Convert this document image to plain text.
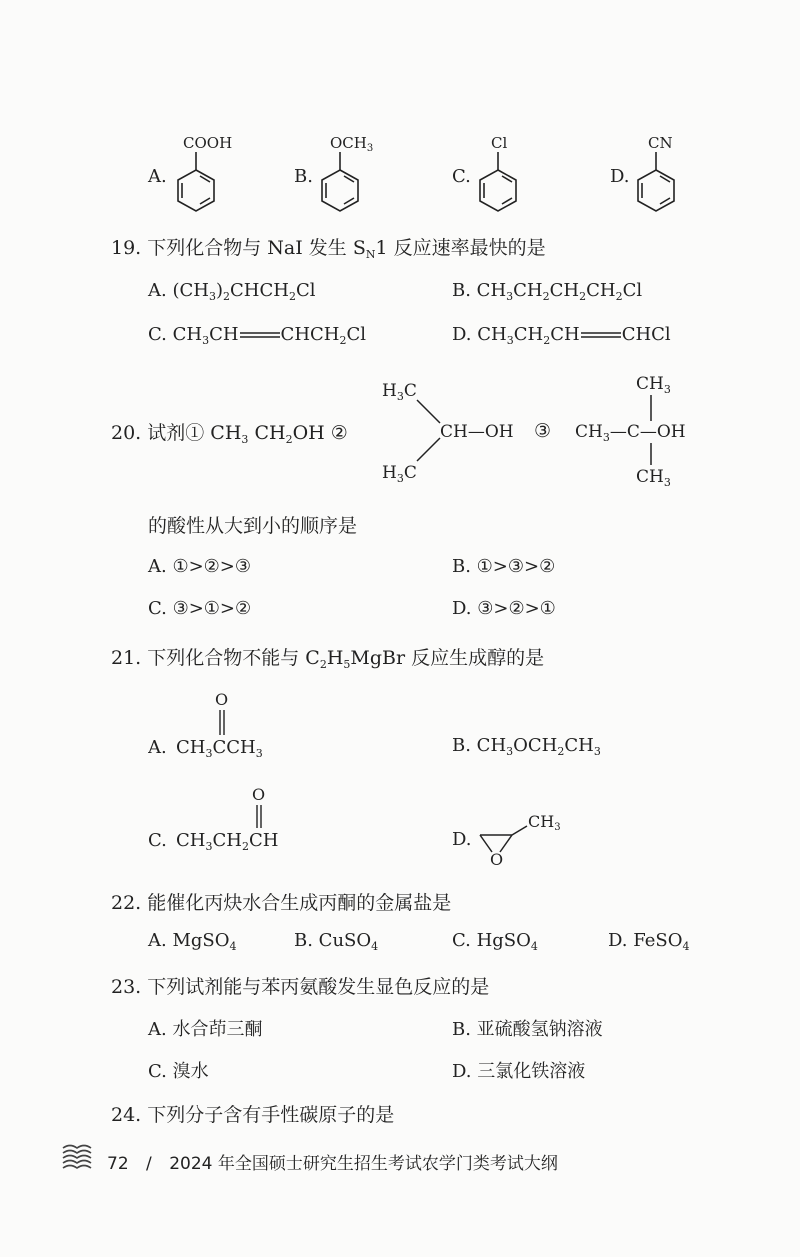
A.
COOH
B.
$OCH_3$
C.
Cl
D.
CN
19. 下列化合物与 NaI 发生 $S_N1$ 反应速率最快的是
A. $(CH_3)_2CHCH_2Cl$	B. $CH_3CH_2CH_2CH_2Cl$
C. $CH_3CH$ $CHCH_2Cl$	D. $CH_3CH_2CH$ CHCl
20. 试剂① $CH_3$ $CH_2OH$ ②
$H_3C$
$H_3C$
CH—OH ③ $CH_3—C—OH$
$CH_3$
$CH_3$
的酸性从大到小的顺序是
A. ①>②>③	B. ①>③>②
C. ③>①>②	D. ③>②>①
21. 下列化合物不能与 $C_2H_5MgBr$ 反应生成醇的是
A.
O
$CH_3CCH_3$	B. $CH_3OCH_2CH_3$
C.
O
$CH_3CH_2CH$	D.
O
CH3
22. 能催化丙炔水合生成丙酮的金属盐是
A. MgSO$_4$	B. CuSO$_4$	C. HgSO$_4$	D. FeSO$_4$
23. 下列试剂能与苯丙氨酸发生显色反应的是
A. 水合茚三酮	B. 亚硫酸氢钠溶液
C. 溴水	D. 三氯化铁溶液
24. 下列分子含有手性碳原子的是
72 / 2024 年全国硕士研究生招生考试农学门类考试大纲
